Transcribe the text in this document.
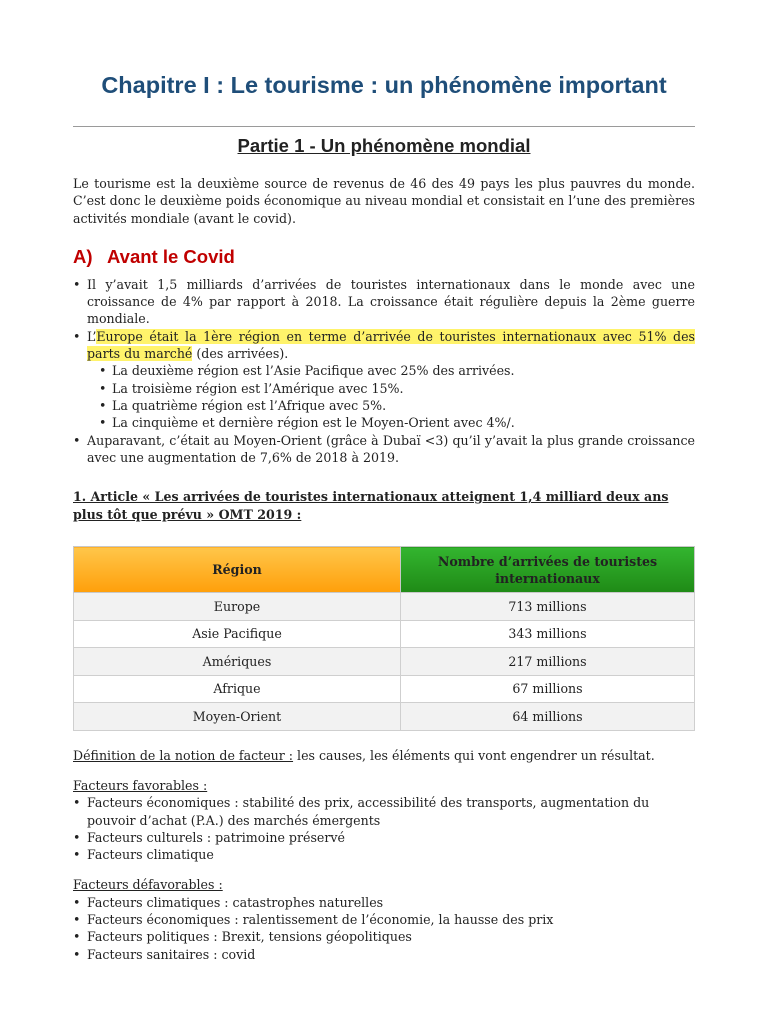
Chapitre I : Le tourisme : un phénomène important
Partie 1 - Un phénomène mondial

Le tourisme est la deuxième source de revenus de 46 des 49 pays les plus pauvres du monde. C’est donc le deuxième poids économique au niveau mondial et consistait en l’une des premières activités mondiale (avant le covid).

A) Avant le Covid
• Il y’avait 1,5 milliards d’arrivées de touristes internationaux dans le monde avec une croissance de 4% par rapport à 2018. La croissance était régulière depuis la 2ème guerre mondiale.
• L’Europe était la 1ère région en terme d’arrivée de touristes internationaux avec 51% des parts du marché (des arrivées).
• La deuxième région est l’Asie Pacifique avec 25% des arrivées.
• La troisième région est l’Amérique avec 15%.
• La quatrième région est l’Afrique avec 5%.
• La cinquième et dernière région est le Moyen-Orient avec 4%/.
• Auparavant, c’était au Moyen-Orient (grâce à Dubaï <3) qu’il y’avait la plus grande croissance avec une augmentation de 7,6% de 2018 à 2019.

1. Article « Les arrivées de touristes internationaux atteignent 1,4 milliard deux ans plus tôt que prévu » OMT 2019 :

Région	Nombre d’arrivées de touristes internationaux
Europe	713 millions
Asie Pacifique	343 millions
Amériques	217 millions
Afrique	67 millions
Moyen-Orient	64 millions

Définition de la notion de facteur : les causes, les éléments qui vont engendrer un résultat.

Facteurs favorables :

• Facteurs économiques : stabilité des prix, accessibilité des transports, augmentation du pouvoir d’achat (P.A.) des marchés émergents
• Facteurs culturels : patrimoine préservé
• Facteurs climatique

Facteurs défavorables :

• Facteurs climatiques : catastrophes naturelles
• Facteurs économiques : ralentissement de l’économie, la hausse des prix
• Facteurs politiques : Brexit, tensions géopolitiques
• Facteurs sanitaires : covid
